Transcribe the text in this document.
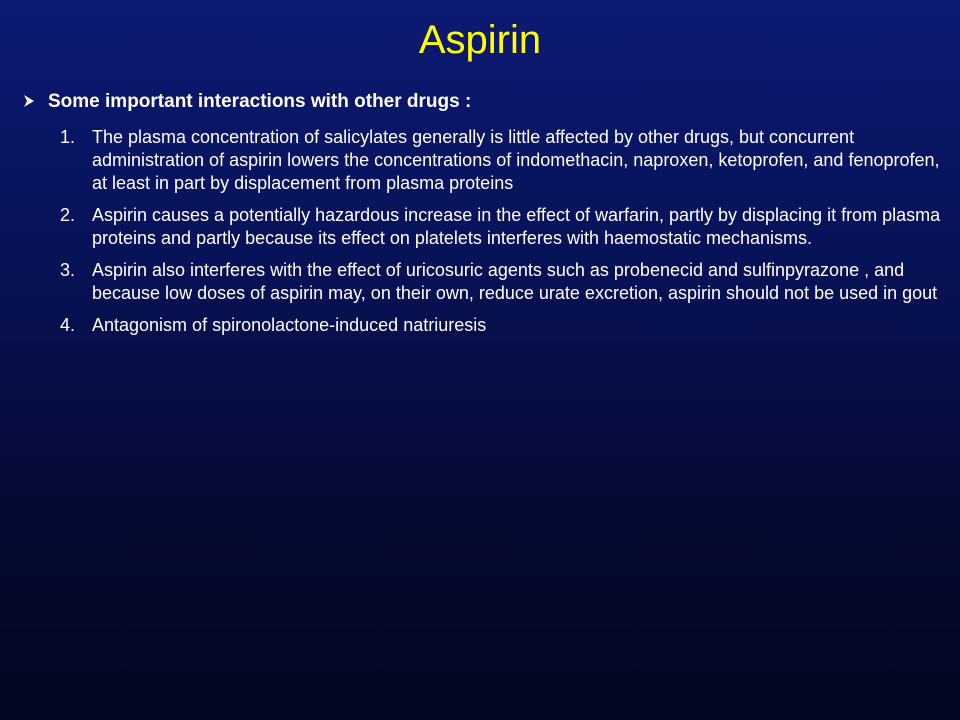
Aspirin
Some important interactions with other drugs :
1. The plasma concentration of salicylates generally is little affected by other drugs, but concurrent administration of aspirin lowers the concentrations of indomethacin, naproxen, ketoprofen, and fenoprofen, at least in part by displacement from plasma proteins
2. Aspirin causes a potentially hazardous increase in the effect of warfarin, partly by displacing it from plasma proteins and partly because its effect on platelets interferes with haemostatic mechanisms.
3. Aspirin also interferes with the effect of uricosuric agents such as probenecid and sulfinpyrazone , and because low doses of aspirin may, on their own, reduce urate excretion, aspirin should not be used in gout
4. Antagonism of spironolactone-induced natriuresis
